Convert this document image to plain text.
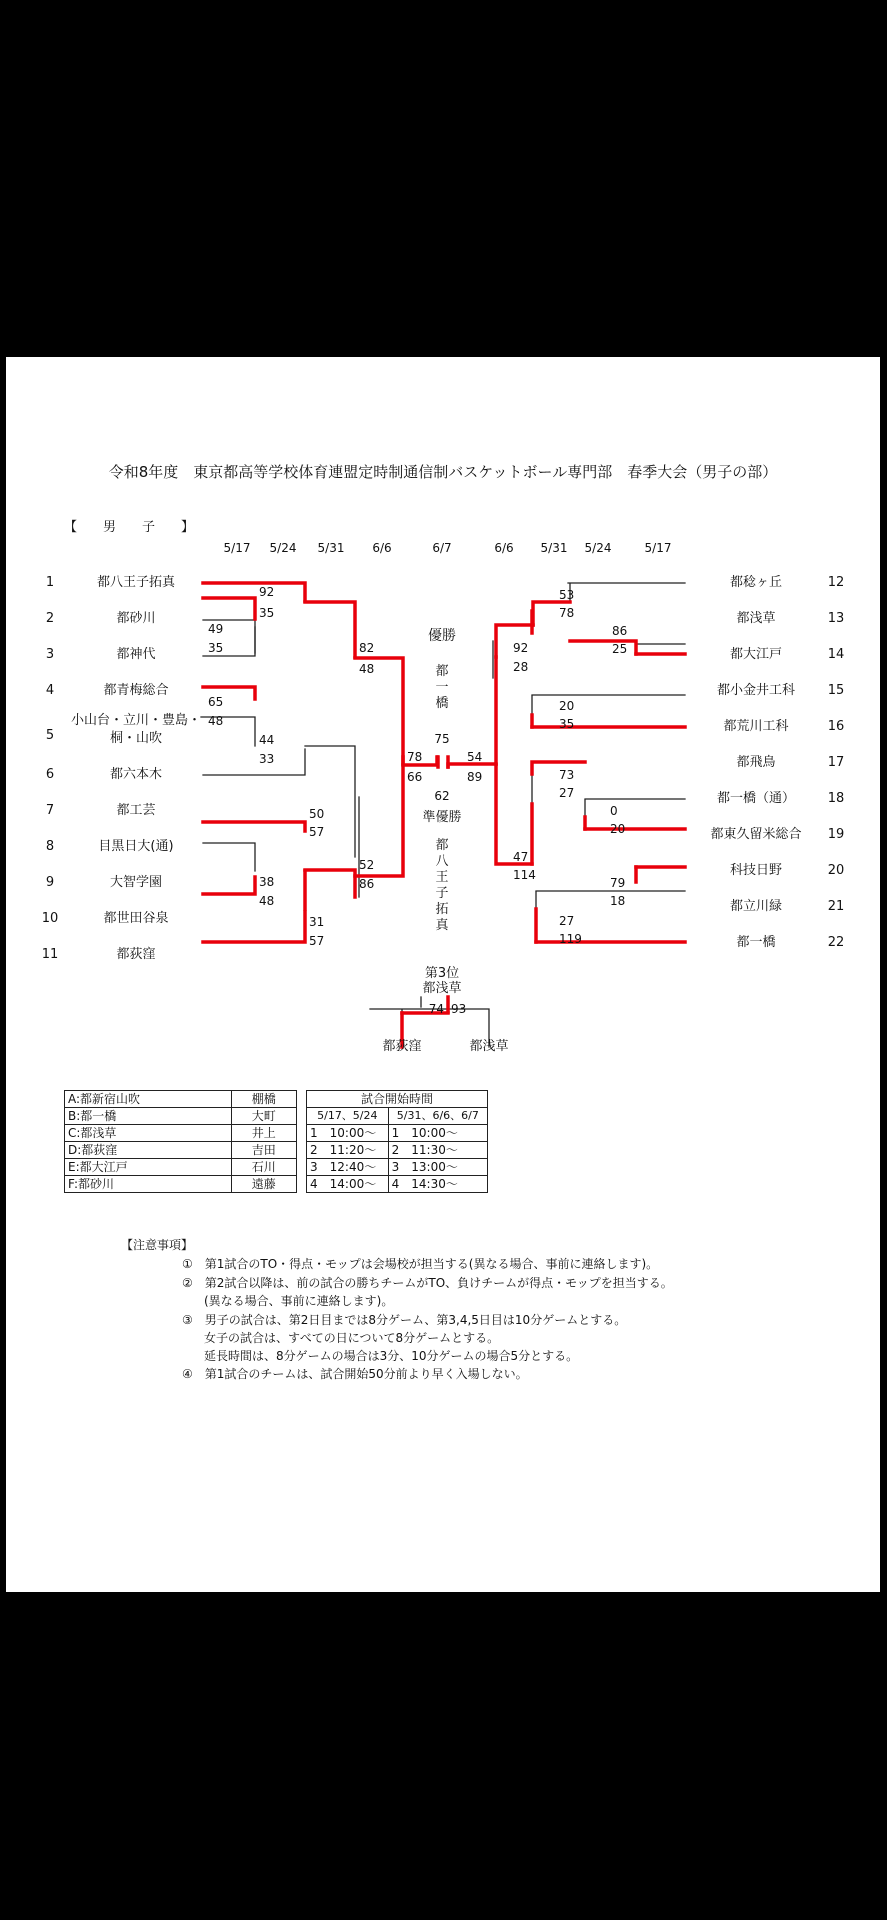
令和8年度　東京都高等学校体育連盟定時制通信制バスケットボール専門部　春季大会（男子の部）
【　　男　　子　　】
5/17 5/24 5/31 6/6	6/7	6/6 5/31 5/24	5/17
1	都八王子拓真
2	都砂川
3	都神代
4	都青梅総合
5
小山台・立川・豊島・
桐・山吹
6	都六本木
7	都工芸
8	目黒日大(通)
9	大智学園
10	都世田谷泉
11	都荻窪
都稔ヶ丘	12
都浅草	13
都大江戸	14
都小金井工科	15
都荒川工科	16
都飛鳥	17
都一橋（通）	18
都東久留米総合 19
科技日野	20
都立川緑	21
都一橋	22
92
35
49
35	82
48
65
48
44
33	78
66
50
57
38
48
52
86
31
57
53
78
86
25
92
28
20
35
54
89	73
27
0
20
47
114
79
18
27
119
優勝
都一橋
75
62
準優勝
都八王子拓真
第3位
都浅草
74 93
都荻窪	都浅草
A:都新宿山吹	棚橋
B:都一橋	大町
C:都浅草	井上
D:都荻窪	吉田
E:都大江戸	石川
F:都砂川	遠藤
試合開始時間	
5/17、5/24	5/31、6/6、6/7
1　10:00～	1　10:00～
2　11:20～	2　11:30～
3　12:40～	3　13:00～
4　14:00～	4　14:30～
【注意事項】
①　第1試合のTO・得点・モップは会場校が担当する(異なる場合、事前に連絡します)。
②　第2試合以降は、前の試合の勝ちチームがTO、負けチームが得点・モップを担当する。
(異なる場合、事前に連絡します)。
③　男子の試合は、第2日目までは8分ゲーム、第3,4,5日目は10分ゲームとする。
女子の試合は、すべての日について8分ゲームとする。
延長時間は、8分ゲームの場合は3分、10分ゲームの場合5分とする。
④　第1試合のチームは、試合開始50分前より早く入場しない。
